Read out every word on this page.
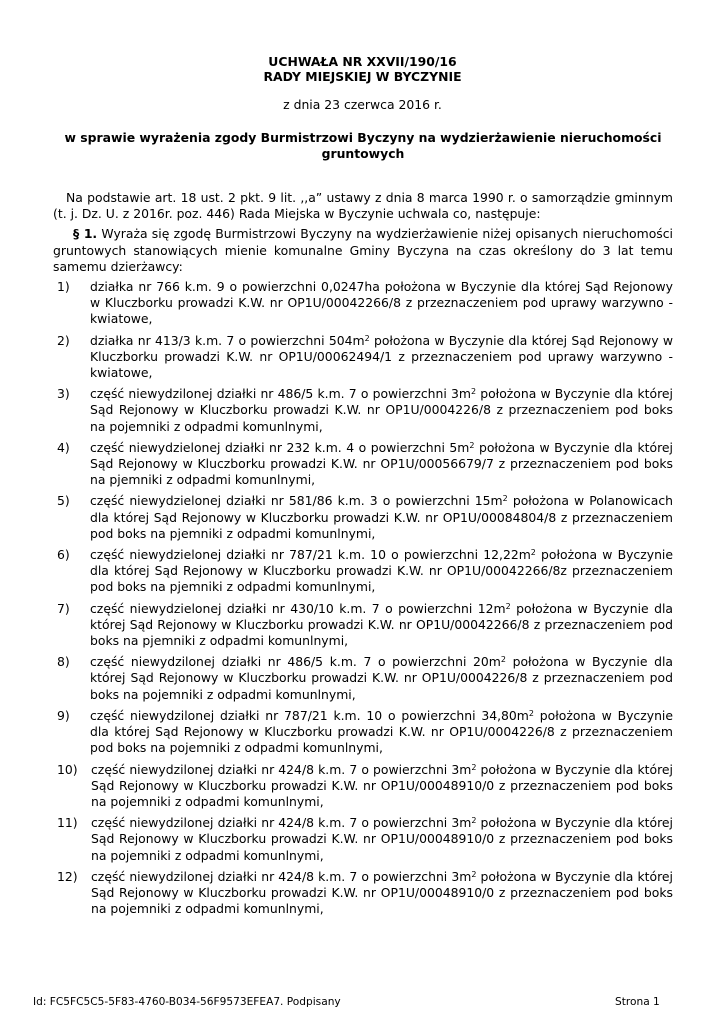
UCHWAŁA NR XXVII/190/16
RADY MIEJSKIEJ W BYCZYNIE
z dnia 23 czerwca 2016 r.
w sprawie wyrażenia zgody Burmistrzowi Byczyny na wydzierżawienie nieruchomości gruntowych

Na podstawie art. 18 ust. 2 pkt. 9 lit. ,,a” ustawy z dnia 8 marca 1990 r. o samorządzie gminnym (t. j. Dz. U. z 2016r. poz. 446) Rada Miejska w Byczynie uchwala co, następuje:

§ 1. Wyraża się zgodę Burmistrzowi Byczyny na wydzierżawienie niżej opisanych nieruchomości gruntowych stanowiących mienie komunalne Gminy Byczyna na czas określony do 3 lat temu samemu dzierżawcy:

1) działka nr 766 k.m. 9 o powierzchni 0,0247ha położona w Byczynie dla której Sąd Rejonowy w Kluczborku prowadzi K.W. nr OP1U/00042266/8 z przeznaczeniem pod uprawy warzywno - kwiatowe,
2) działka nr 413/3 k.m. 7 o powierzchni $504m^2$ położona w Byczynie dla której Sąd Rejonowy w Kluczborku prowadzi K.W. nr OP1U/00062494/1 z przeznaczeniem pod uprawy warzywno - kwiatowe,
3) część niewydzilonej działki nr 486/5 k.m. 7 o powierzchni $3m^2$ położona w Byczynie dla której Sąd Rejonowy w Kluczborku prowadzi K.W. nr OP1U/0004226/8 z przeznaczeniem pod boks na pojemniki z odpadmi komunlnymi,
4) część niewydzielonej działki nr 232 k.m. 4 o powierzchni $5m^2$ położona w Byczynie dla której Sąd Rejonowy w Kluczborku prowadzi K.W. nr OP1U/00056679/7 z przeznaczeniem pod boks na pjemniki z odpadmi komunlnymi,
5) część niewydzielonej działki nr 581/86 k.m. 3 o powierzchni $15m^2$ położona w Polanowicach dla której Sąd Rejonowy w Kluczborku prowadzi K.W. nr OP1U/00084804/8 z przeznaczeniem pod boks na pjemniki z odpadmi komunlnymi,
6) część niewydzielonej działki nr 787/21 k.m. 10 o powierzchni $12,22m^2$ położona w Byczynie dla której Sąd Rejonowy w Kluczborku prowadzi K.W. nr OP1U/00042266/8z przeznaczeniem pod boks na pjemniki z odpadmi komunlnymi,
7) część niewydzielonej działki nr 430/10 k.m. 7 o powierzchni $12m^2$ położona w Byczynie dla której Sąd Rejonowy w Kluczborku prowadzi K.W. nr OP1U/00042266/8 z przeznaczeniem pod boks na pjemniki z odpadmi komunlnymi,
8) część niewydzilonej działki nr 486/5 k.m. 7 o powierzchni $20m^2$ położona w Byczynie dla której Sąd Rejonowy w Kluczborku prowadzi K.W. nr OP1U/0004226/8 z przeznaczeniem pod boks na pojemniki z odpadmi komunlnymi,
9) część niewydzilonej działki nr 787/21 k.m. 10 o powierzchni $34,80m^2$ położona w Byczynie dla której Sąd Rejonowy w Kluczborku prowadzi K.W. nr OP1U/0004226/8 z przeznaczeniem pod boks na pojemniki z odpadmi komunlnymi,
10) część niewydzilonej działki nr 424/8 k.m. 7 o powierzchni $3m^2$ położona w Byczynie dla której Sąd Rejonowy w Kluczborku prowadzi K.W. nr OP1U/00048910/0 z przeznaczeniem pod boks na pojemniki z odpadmi komunlnymi,
11) część niewydzilonej działki nr 424/8 k.m. 7 o powierzchni $3m^2$ położona w Byczynie dla której Sąd Rejonowy w Kluczborku prowadzi K.W. nr OP1U/00048910/0 z przeznaczeniem pod boks na pojemniki z odpadmi komunlnymi,
12) część niewydzilonej działki nr 424/8 k.m. 7 o powierzchni $3m^2$ położona w Byczynie dla której Sąd Rejonowy w Kluczborku prowadzi K.W. nr OP1U/00048910/0 z przeznaczeniem pod boks na pojemniki z odpadmi komunlnymi,
Id: FC5FC5C5-5F83-4760-B034-56F9573EFEA7. Podpisany	Strona 1
